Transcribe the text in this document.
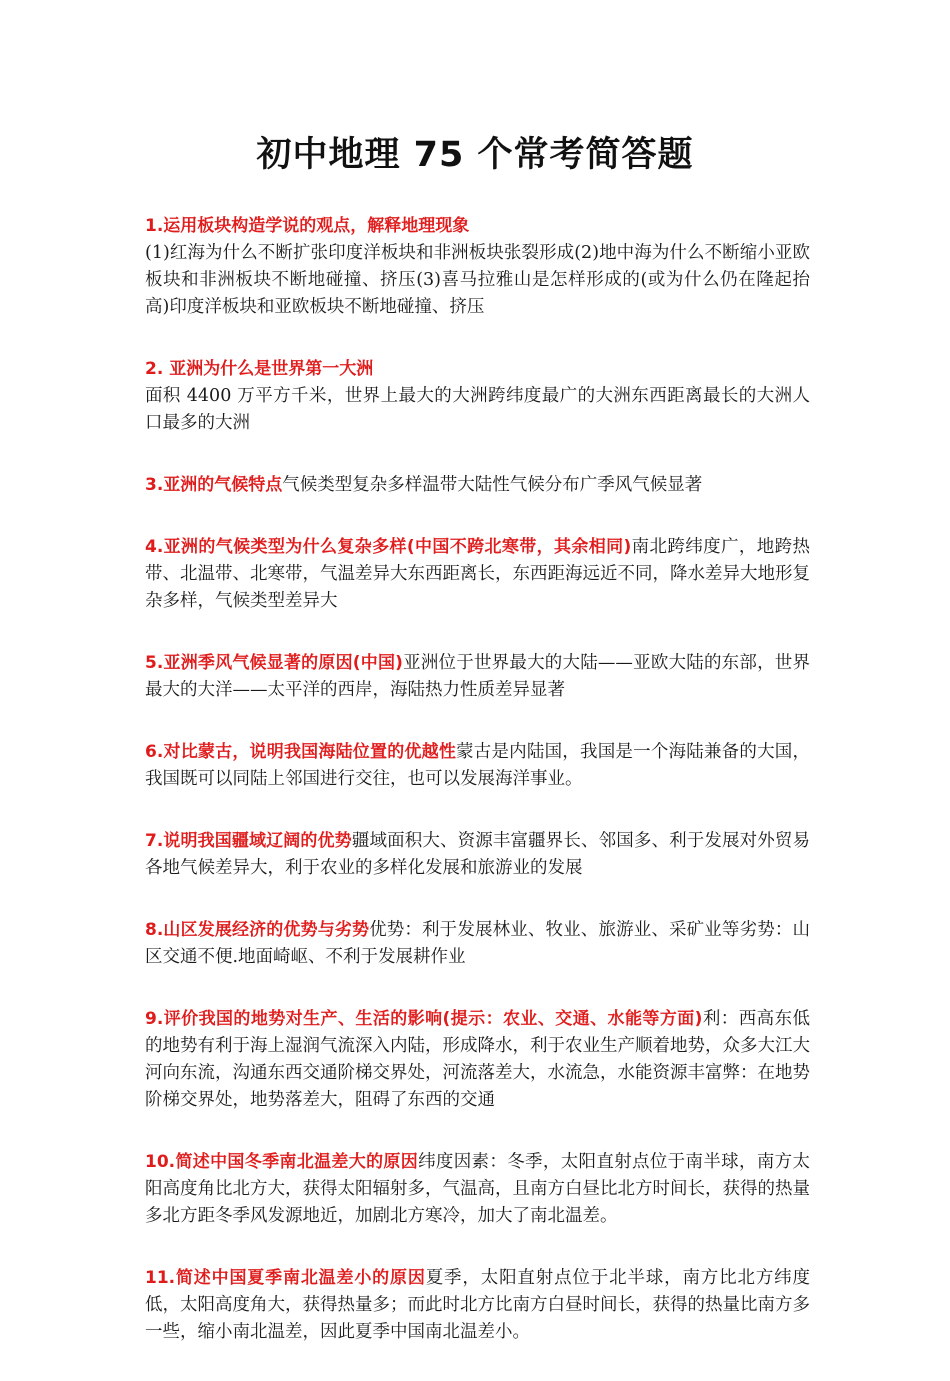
初中地理 75 个常考简答题

1.运用板块构造学说的观点，解释地理现象
(1)红海为什么不断扩张印度洋板块和非洲板块张裂形成(2)地中海为什么不断缩小亚欧板块和非洲板块不断地碰撞、挤压(3)喜马拉雅山是怎样形成的(或为什么仍在隆起抬高)印度洋板块和亚欧板块不断地碰撞、挤压

2. 亚洲为什么是世界第一大洲
面积 4400 万平方千米，世界上最大的大洲跨纬度最广的大洲东西距离最长的大洲人口最多的大洲

3.亚洲的气候特点气候类型复杂多样温带大陆性气候分布广季风气候显著

4.亚洲的气候类型为什么复杂多样(中国不跨北寒带，其余相同)南北跨纬度广，地跨热带、北温带、北寒带，气温差异大东西距离长，东西距海远近不同，降水差异大地形复杂多样，气候类型差异大

5.亚洲季风气候显著的原因(中国)亚洲位于世界最大的大陆——亚欧大陆的东部，世界最大的大洋——太平洋的西岸，海陆热力性质差异显著

6.对比蒙古，说明我国海陆位置的优越性蒙古是内陆国，我国是一个海陆兼备的大国，我国既可以同陆上邻国进行交往，也可以发展海洋事业。

7.说明我国疆域辽阔的优势疆域面积大、资源丰富疆界长、邻国多、利于发展对外贸易各地气候差异大，利于农业的多样化发展和旅游业的发展

8.山区发展经济的优势与劣势优势：利于发展林业、牧业、旅游业、采矿业等劣势：山区交通不便.地面崎岖、不利于发展耕作业

9.评价我国的地势对生产、生活的影响(提示：农业、交通、水能等方面)利：西高东低的地势有利于海上湿润气流深入内陆，形成降水，利于农业生产顺着地势，众多大江大河向东流，沟通东西交通阶梯交界处，河流落差大，水流急，水能资源丰富弊：在地势阶梯交界处，地势落差大，阻碍了东西的交通

10.简述中国冬季南北温差大的原因纬度因素：冬季，太阳直射点位于南半球，南方太阳高度角比北方大，获得太阳辐射多，气温高，且南方白昼比北方时间长，获得的热量多北方距冬季风发源地近，加剧北方寒冷，加大了南北温差。

11.简述中国夏季南北温差小的原因夏季，太阳直射点位于北半球，南方比北方纬度低，太阳高度角大，获得热量多；而此时北方比南方白昼时间长，获得的热量比南方多一些，缩小南北温差，因此夏季中国南北温差小。
